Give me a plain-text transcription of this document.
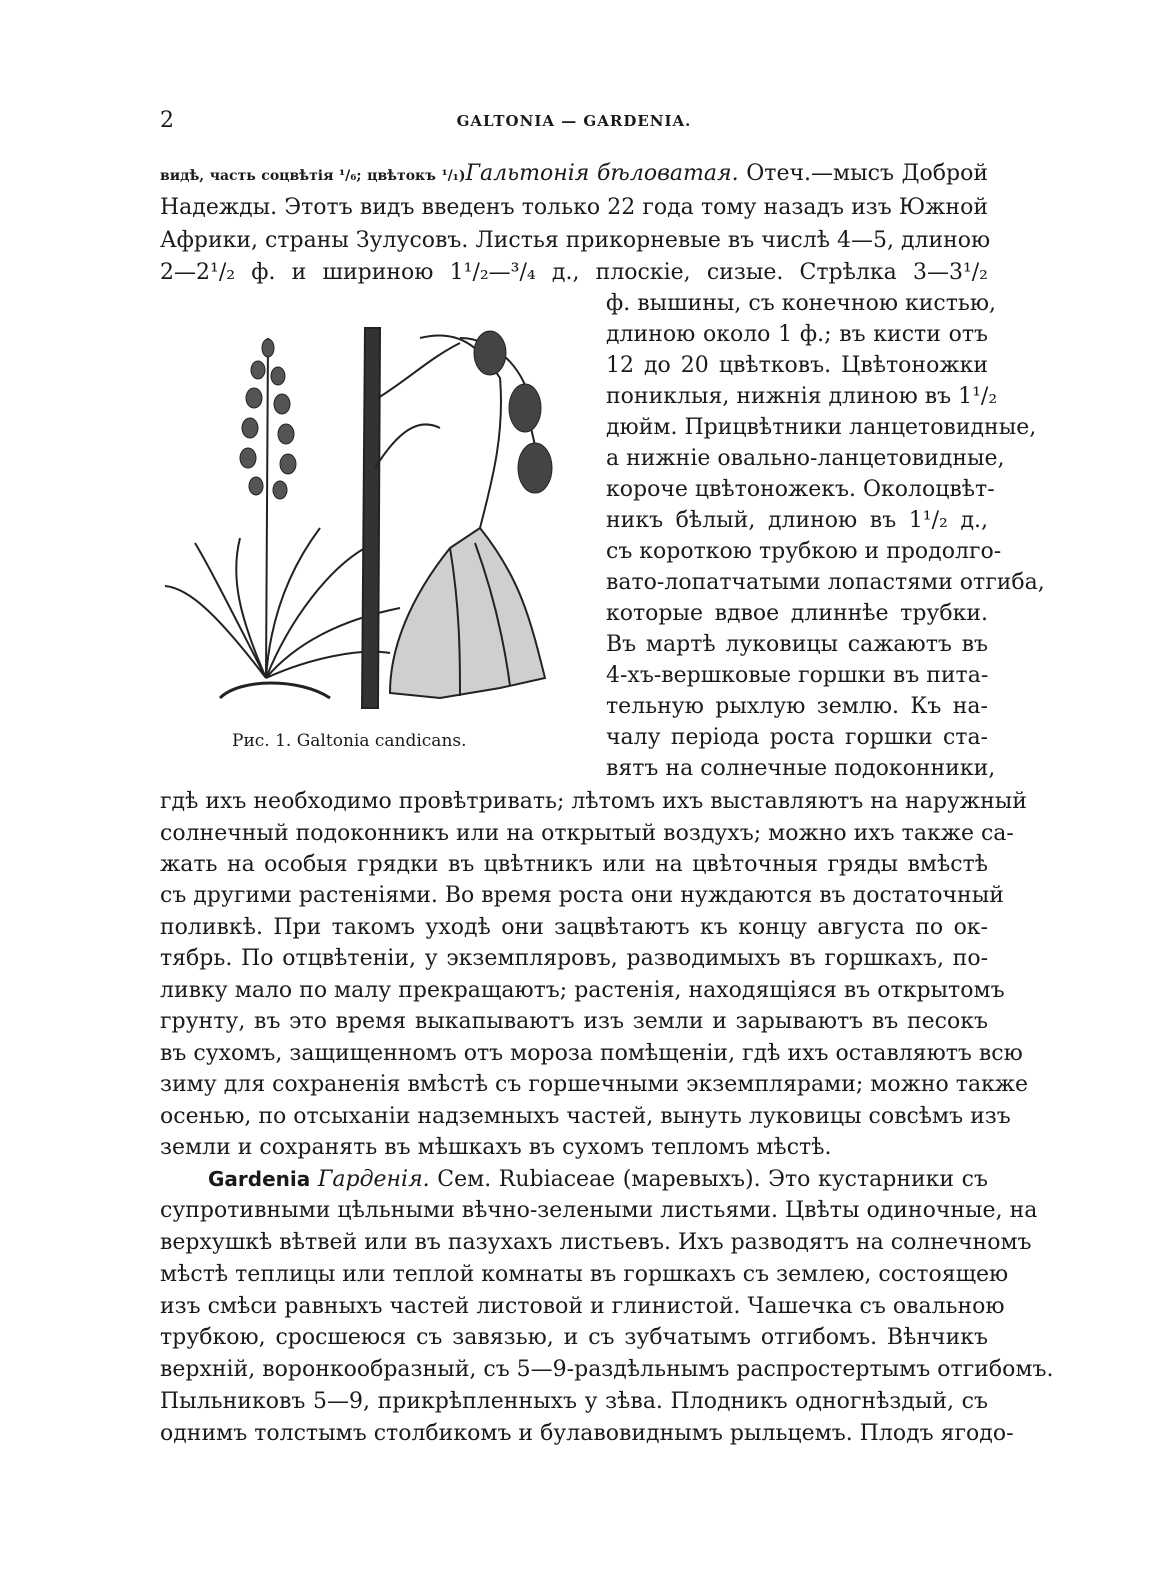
2	GALTONIA — GARDENIA.
видѣ, часть соцвѣтія ¹/₆; цвѣтокъ ¹/₁)Гальтонія бѣловатая. Отеч.—мысъ Доброй
Надежды. Этотъ видъ введенъ только 22 года тому назадъ изъ Южной
Африки, страны Зулусовъ. Листья прикорневые въ числѣ 4—5, длиною
2—2¹/₂ ф. и шириною 1¹/₂—³/₄ д., плоскіе, сизые. Стрѣлка 3—3¹/₂
ф. вышины, съ конечною кистью,
длиною около 1 ф.; въ кисти отъ
12 до 20 цвѣтковъ. Цвѣтоножки
пониклыя, нижнія длиною въ 1¹/₂
дюйм. Прицвѣтники ланцетовидные,
а нижніе овально-ланцетовидные,
короче цвѣтоножекъ. Околоцвѣт-
никъ бѣлый, длиною въ 1¹/₂ д.,
съ короткою трубкою и продолго-
вато-лопатчатыми лопастями отгиба,
которые вдвое длиннѣе трубки.
Въ мартѣ луковицы сажаютъ въ
4-хъ-вершковые горшки въ пита-
тельную рыхлую землю. Къ на-
чалу періода роста горшки ста-
вятъ на солнечные подоконники,
Рис. 1. Galtonia candicans.
гдѣ ихъ необходимо провѣтривать; лѣтомъ ихъ выставляютъ на наружный
солнечный подоконникъ или на открытый воздухъ; можно ихъ также са-
жать на особыя грядки въ цвѣтникъ или на цвѣточныя гряды вмѣстѣ
съ другими растеніями. Во время роста они нуждаются въ достаточный
поливкѣ. При такомъ уходѣ они зацвѣтаютъ къ концу августа по ок-
тябрь. По отцвѣтеніи, у экземпляровъ, разводимыхъ въ горшкахъ, по-
ливку мало по малу прекращаютъ; растенія, находящіяся въ открытомъ
грунту, въ это время выкапываютъ изъ земли и зарываютъ въ песокъ
въ сухомъ, защищенномъ отъ мороза помѣщеніи, гдѣ ихъ оставляютъ всю
зиму для сохраненія вмѣстѣ съ горшечными экземплярами; можно также
осенью, по отсыханіи надземныхъ частей, вынуть луковицы совсѣмъ изъ
земли и сохранять въ мѣшкахъ въ сухомъ тепломъ мѣстѣ.
Gardenia Гарденія. Сем. Rubiaceae (маревыхъ). Это кустарники съ
супротивными цѣльными вѣчно-зелеными листьями. Цвѣты одиночные, на
верхушкѣ вѣтвей или въ пазухахъ листьевъ. Ихъ разводятъ на солнечномъ
мѣстѣ теплицы или теплой комнаты въ горшкахъ съ землею, состоящею
изъ смѣси равныхъ частей листовой и глинистой. Чашечка съ овальною
трубкою, сросшеюся съ завязью, и съ зубчатымъ отгибомъ. Вѣнчикъ
верхній, воронкообразный, съ 5—9-раздѣльнымъ распростертымъ отгибомъ.
Пыльниковъ 5—9, прикрѣпленныхъ у зѣва. Плодникъ одногнѣздый, съ
однимъ толстымъ столбикомъ и булавовиднымъ рыльцемъ. Плодъ ягодо-
